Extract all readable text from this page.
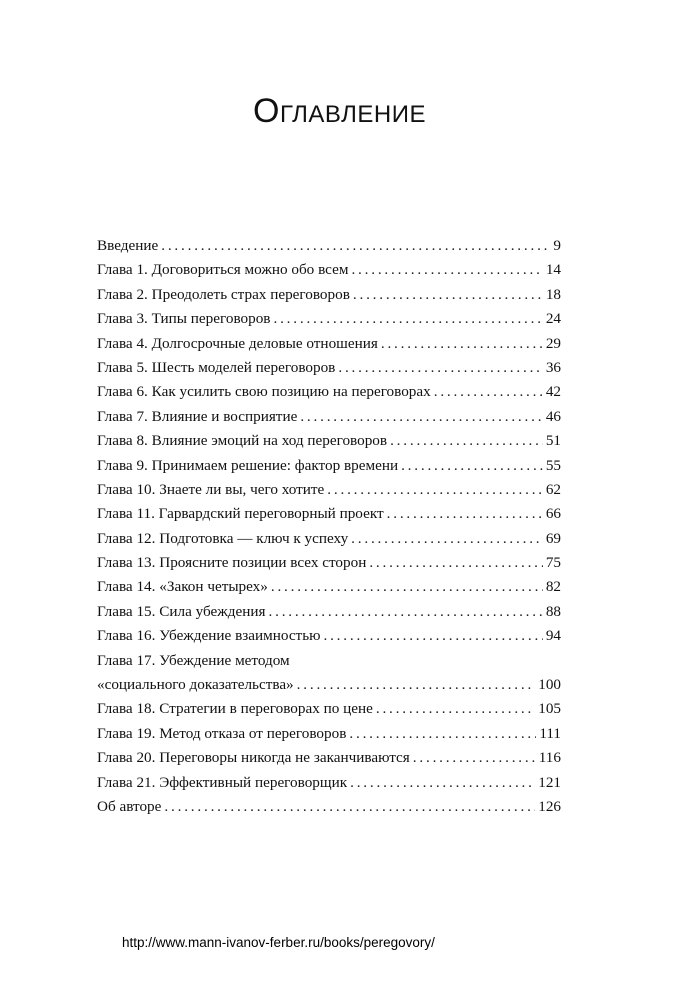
Оглавление
Введение . . .	9
Глава 1. Договориться можно обо всем . . .	14
Глава 2. Преодолеть страх переговоров . . .	18
Глава 3. Типы переговоров . . .	24
Глава 4. Долгосрочные деловые отношения . . .	29
Глава 5. Шесть моделей переговоров . . .	36
Глава 6. Как усилить свою позицию на переговорах . . .	42
Глава 7. Влияние и восприятие . . .	46
Глава 8. Влияние эмоций на ход переговоров . . .	51
Глава 9. Принимаем решение: фактор времени . . .	55
Глава 10. Знаете ли вы, чего хотите . . .	62
Глава 11. Гарвардский переговорный проект . . .	66
Глава 12. Подготовка — ключ к успеху . . .	69
Глава 13. Проясните позиции всех сторон . . .	75
Глава 14. «Закон четырех» . . .	82
Глава 15. Сила убеждения . . .	88
Глава 16. Убеждение взаимностью . . .	94
Глава 17. Убеждение методом
«социального доказательства» . . .	100
Глава 18. Стратегии в переговорах по цене . . .	105
Глава 19. Метод отказа от переговоров . . .	111
Глава 20. Переговоры никогда не заканчиваются . . .	116
Глава 21. Эффективный переговорщик . . .	121
Об авторе . . .	126
http://www.mann-ivanov-ferber.ru/books/peregovory/
